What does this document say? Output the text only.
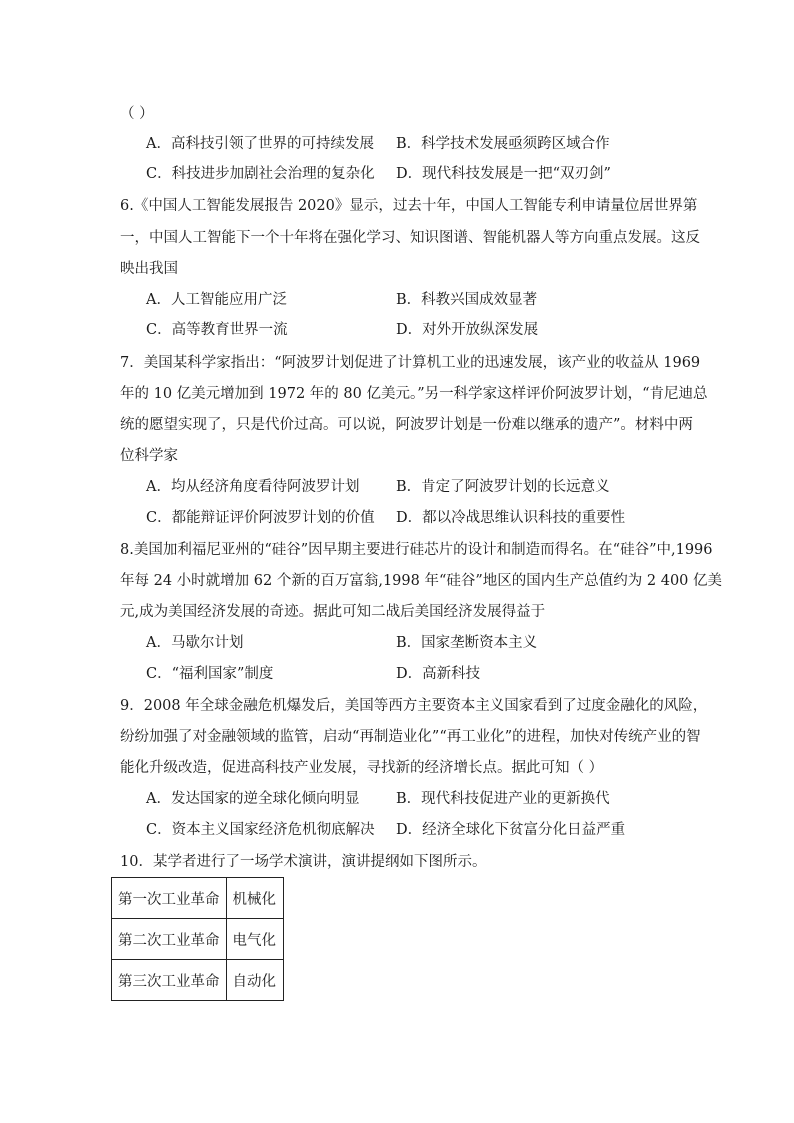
（ ）
A．高科技引领了世界的可持续发展 B．科学技术发展亟须跨区域合作
C．科技进步加剧社会治理的复杂化 D．现代科技发展是一把“双刃剑”
6.《中国人工智能发展报告 2020》显示，过去十年，中国人工智能专利申请量位居世界第
一，中国人工智能下一个十年将在强化学习、知识图谱、智能机器人等方向重点发展。这反
映出我国
A．人工智能应用广泛	B．科教兴国成效显著
C．高等教育世界一流	D．对外开放纵深发展
7．美国某科学家指出：“阿波罗计划促进了计算机工业的迅速发展，该产业的收益从 1969
年的 10 亿美元增加到 1972 年的 80 亿美元。”另一科学家这样评价阿波罗计划，“肯尼迪总
统的愿望实现了，只是代价过高。可以说，阿波罗计划是一份难以继承的遗产”。材料中两
位科学家
A．均从经济角度看待阿波罗计划	B．肯定了阿波罗计划的长远意义
C．都能辩证评价阿波罗计划的价值 D．都以冷战思维认识科技的重要性
8.美国加利福尼亚州的“硅谷”因早期主要进行硅芯片的设计和制造而得名。在“硅谷”中,1996
年每 24 小时就增加 62 个新的百万富翁,1998 年“硅谷”地区的国内生产总值约为 2 400 亿美
元,成为美国经济发展的奇迹。据此可知二战后美国经济发展得益于
A．马歇尔计划	B．国家垄断资本主义
C．“福利国家”制度	D．高新科技
9．2008 年全球金融危机爆发后，美国等西方主要资本主义国家看到了过度金融化的风险，
纷纷加强了对金融领域的监管，启动“再制造业化”“再工业化”的进程，加快对传统产业的智
能化升级改造，促进高科技产业发展，寻找新的经济增长点。据此可知（ ）
A．发达国家的逆全球化倾向明显	B．现代科技促进产业的更新换代
C．资本主义国家经济危机彻底解决 D．经济全球化下贫富分化日益严重
10．某学者进行了一场学术演讲，演讲提纲如下图所示。
第一次工业革命	机械化
第二次工业革命	电气化
第三次工业革命	自动化
